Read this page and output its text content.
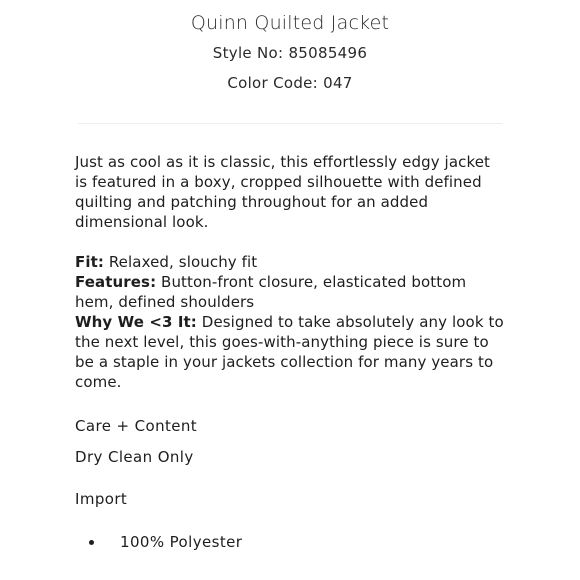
Quinn Quilted Jacket
Style No: 85085496
Color Code: 047

Just as cool as it is classic, this effortlessly edgy jacket is featured in a boxy, cropped silhouette with defined quilting and patching throughout for an added dimensional look.

Fit: Relaxed, slouchy fit

Features: Button-front closure, elasticated bottom hem, defined shoulders

Why We <3 It: Designed to take absolutely any look to the next level, this goes-with-anything piece is sure to be a staple in your jackets collection for many years to come.

Care + Content
Dry Clean Only
Import
100% Polyester
